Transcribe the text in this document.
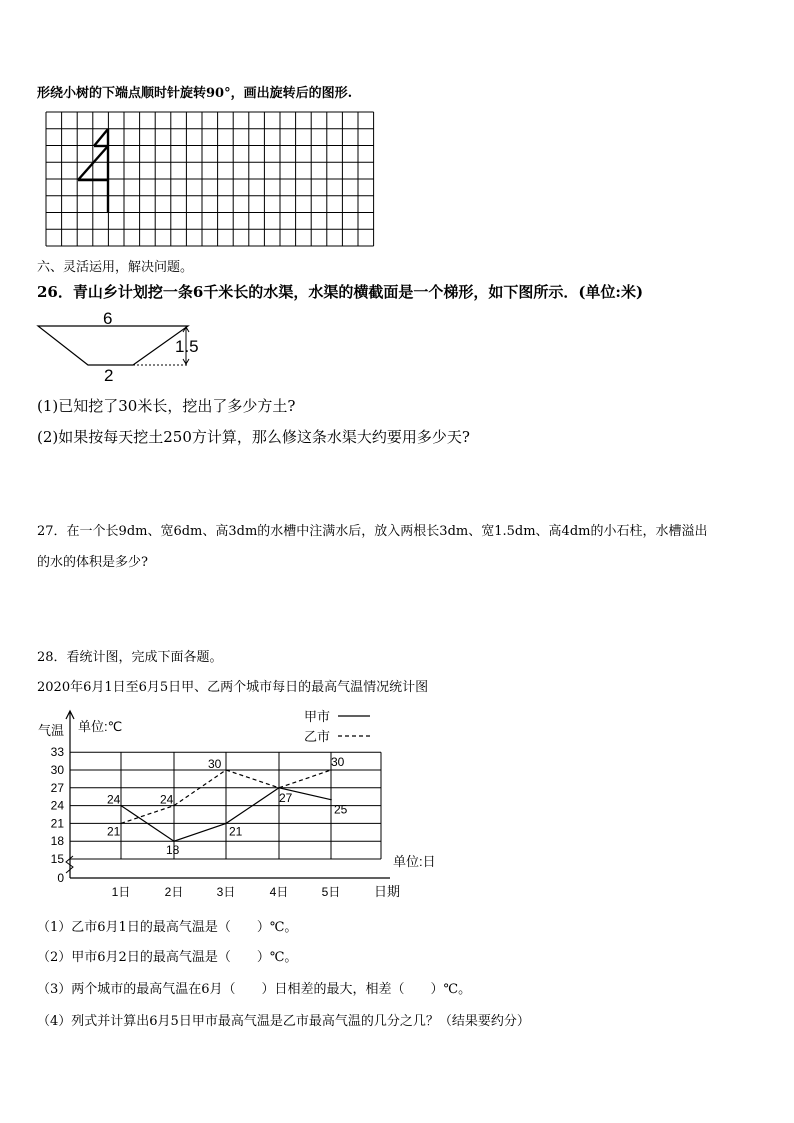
形绕小树的下端点顺时针旋转90°，画出旋转后的图形.
六、灵活运用，解决问题。
26．青山乡计划挖一条6千米长的水渠，水渠的横截面是一个梯形，如下图所示．(单位:米)
6
2
1.5
(1)已知挖了30米长，挖出了多少方土?
(2)如果按每天挖土250方计算，那么修这条水渠大约要用多少天?
27．在一个长9dm、宽6dm、高3dm的水槽中注满水后，放入两根长3dm、宽1.5dm、高4dm的小石柱，水槽溢出
的水的体积是多少?
28．看统计图，完成下面各题。
2020年6月1日至6月5日甲、乙两个城市每日的最高气温情况统计图
0
15
18
21
24
27
30
33
1日	2日	3日	4日	5日
24
18
21
27
25
21
24
30	30
气温 单位:℃
单位:日
日期
甲市
乙市
（1）乙市6月1日的最高气温是（　　）℃。
（2）甲市6月2日的最高气温是（　　）℃。
（3）两个城市的最高气温在6月（　　）日相差的最大，相差（　　）℃。
（4）列式并计算出6月5日甲市最高气温是乙市最高气温的几分之几？（结果要约分）
